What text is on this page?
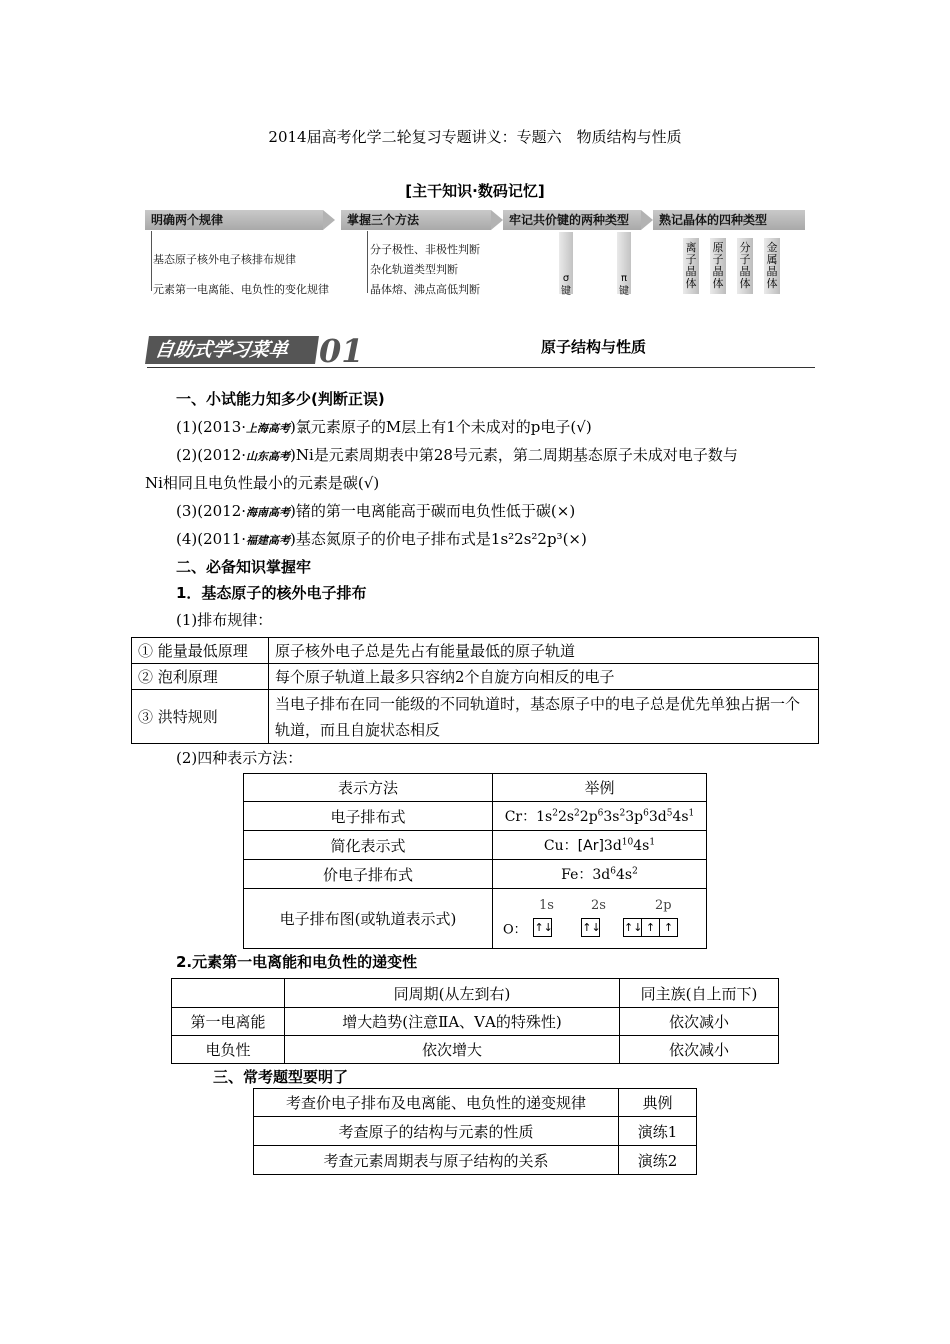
2014届高考化学二轮复习专题讲义：专题六　物质结构与性质
[主干知识·数码记忆]
明确两个规律	掌握三个方法	牢记共价键的两种类型	熟记晶体的四种类型
基态原子核外电子核排布规律
元素第一电离能、电负性的变化规律
分子极性、非极性判断
杂化轨道类型判断
晶体熔、沸点高低判断
σ 键
π 键
离子晶体
原子晶体
分子晶体
金属晶体
自助式学习菜单 01	原子结构与性质
一、小试能力知多少(判断正误)
(1)(2013·上海高考)氯元素原子的M层上有1个未成对的p电子(√)
(2)(2012·山东高考)Ni是元素周期表中第28号元素，第二周期基态原子未成对电子数与
Ni相同且电负性最小的元素是碳(√)
(3)(2012·海南高考)锗的第一电离能高于碳而电负性低于碳(×)
(4)(2011·福建高考)基态氮原子的价电子排布式是1s²2s²2p³(×)
二、必备知识掌握牢
1．基态原子的核外电子排布
(1)排布规律：
① 能量最低原理	原子核外电子总是先占有能量最低的原子轨道
② 泡利原理	每个原子轨道上最多只容纳2个自旋方向相反的电子
③ 洪特规则	当电子排布在同一能级的不同轨道时，基态原子中的电子总是优先单独占据一个轨道，而且自旋状态相反
(2)四种表示方法：
表示方法	举例
电子排布式	Cr：$1s^22s^22p^63s^23p^63d^54s^1$
简化表示式	Cu：$[Ar]3d^{10}4s^1$
价电子排布式	Fe：$3d^64s^2$
电子排布图(或轨道表示式)	1s 2s 2p
O： ↑↓ ↑↓ ↑↓ ↑ ↑
2.元素第一电离能和电负性的递变性
	同周期(从左到右)	同主族(自上而下)
第一电离能	增大趋势(注意ⅡA、ⅤA的特殊性)	依次减小
电负性	依次增大	依次减小
三、常考题型要明了
考查价电子排布及电离能、电负性的递变规律	典例
考查原子的结构与元素的性质	演练1
考查元素周期表与原子结构的关系	演练2
